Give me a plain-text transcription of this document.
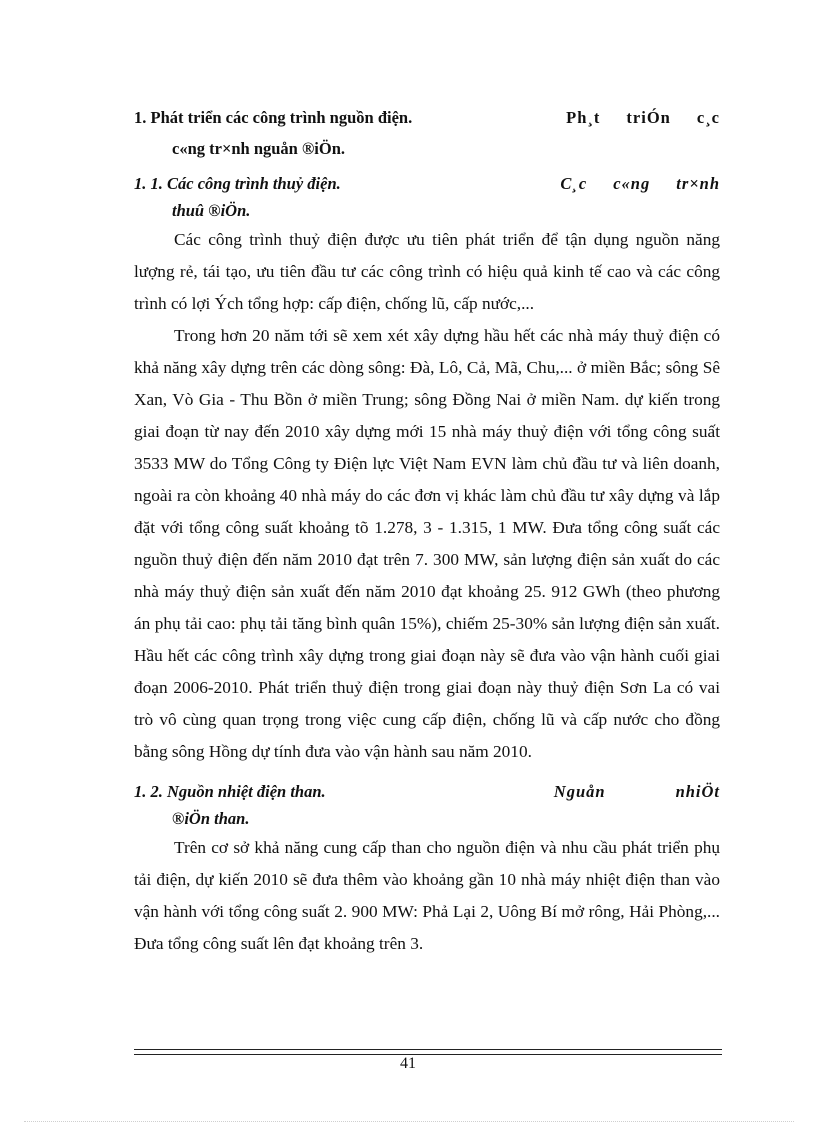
1. Phát triển các công trình nguồn điện.	Ph¸t triÓn c¸c
c«ng tr×nh nguån ®iÖn.
1. 1. Các công trình thuỷ điện.	C¸c c«ng tr×nh
thuû ®iÖn.

Các công trình thuỷ điện được ưu tiên phát triển để tận dụng nguồn năng lượng rẻ, tái tạo, ưu tiên đầu tư các công trình có hiệu quả kinh tế cao và các công trình có lợi Ých tổng hợp: cấp điện, chống lũ, cấp nước,...

Trong hơn 20 năm tới sẽ xem xét xây dựng hầu hết các nhà máy thuỷ điện có khả năng xây dựng trên các dòng sông: Đà, Lô, Cả, Mã, Chu,... ở miền Bắc; sông Sê Xan, Vò Gia - Thu Bồn ở miền Trung; sông Đồng Nai ở miền Nam. dự kiến trong giai đoạn từ nay đến 2010 xây dựng mới 15 nhà máy thuỷ điện với tổng công suất 3533 MW do Tổng Công ty Điện lực Việt Nam EVN làm chủ đầu tư và liên doanh, ngoài ra còn khoảng 40 nhà máy do các đơn vị khác làm chủ đầu tư xây dựng và lắp đặt với tổng công suất khoảng tõ 1.278, 3 - 1.315, 1 MW. Đưa tổng công suất các nguồn thuỷ điện đến năm 2010 đạt trên 7. 300 MW, sản lượng điện sản xuất do các nhà máy thuỷ điện sản xuất đến năm 2010 đạt khoảng 25. 912 GWh (theo phương án phụ tải cao: phụ tải tăng bình quân 15%), chiếm 25-30% sản lượng điện sản xuất. Hầu hết các công trình xây dựng trong giai đoạn này sẽ đưa vào vận hành cuối giai đoạn 2006-2010. Phát triển thuỷ điện trong giai đoạn này thuỷ điện Sơn La có vai trò vô cùng quan trọng trong việc cung cấp điện, chống lũ và cấp nước cho đồng bằng sông Hồng dự tính đưa vào vận hành sau năm 2010.

1. 2. Nguồn nhiệt điện than.	Nguån	nhiÖt
®iÖn than.

Trên cơ sở khả năng cung cấp than cho nguồn điện và nhu cầu phát triển phụ tải điện, dự kiến 2010 sẽ đưa thêm vào khoảng gần 10 nhà máy nhiệt điện than vào vận hành với tổng công suất 2. 900 MW: Phả Lại 2, Uông Bí mở rông, Hải Phòng,... Đưa tổng công suất lên đạt khoảng trên 3.

41
